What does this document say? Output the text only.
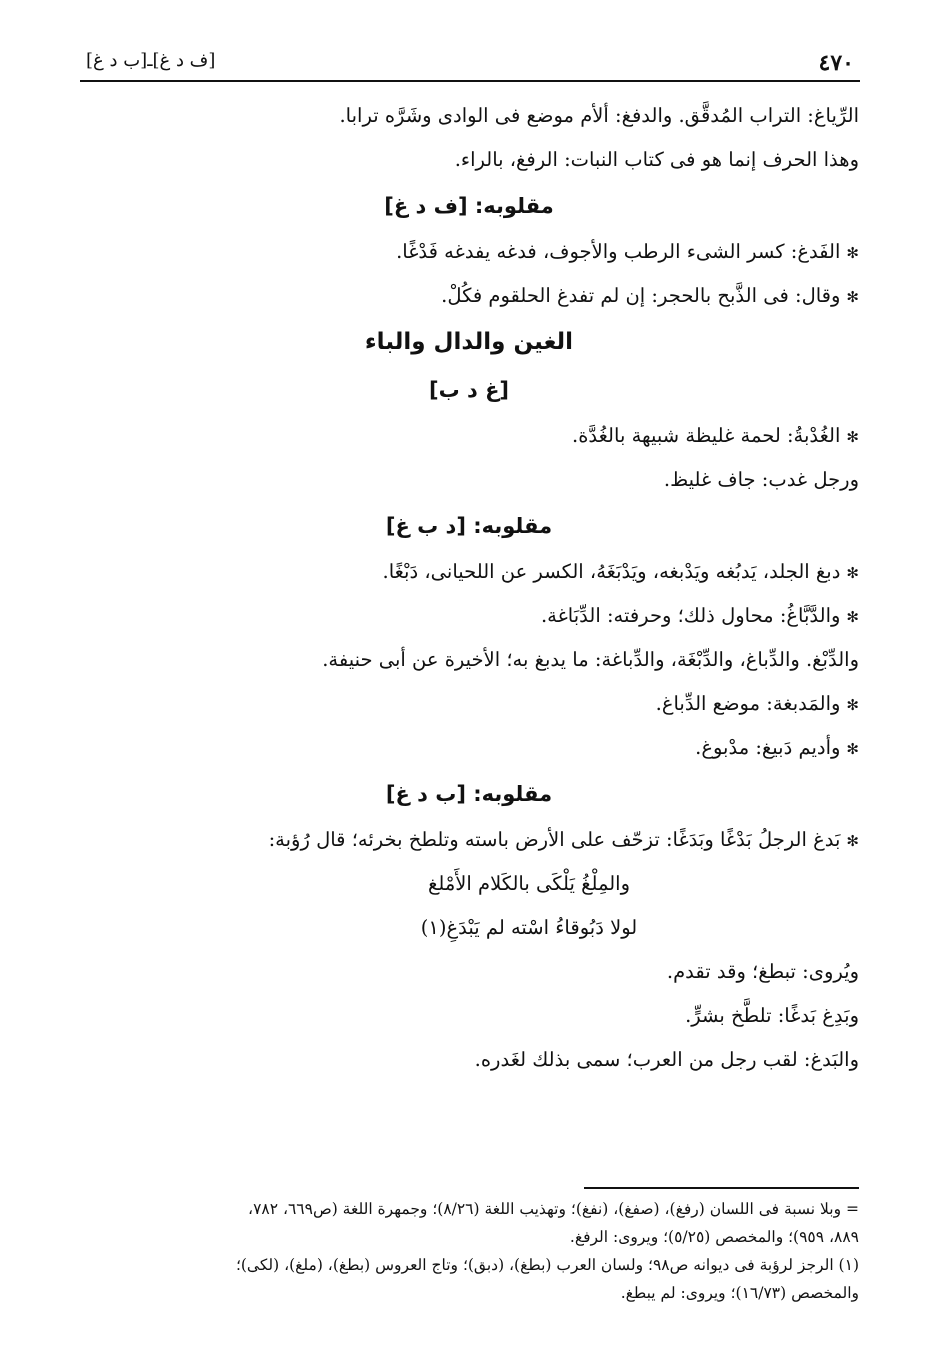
٤٧٠
[ف د غ]ـ[ب د غ]
الرِّياغ: التراب المُدقَّق. والدفغ: ألأم موضع فى الوادى وشَرَّه ترابا.
وهذا الحرف إنما هو فى كتاب النبات: الرفغ، بالراء.
مقلوبه: [ف د غ]
✻الفَدغ: كسر الشىء الرطب والأجوف، فدغه يفدغه فَدْغًا.
✻وقال: فى الذَّبح بالحجر: إن لم تفدغ الحلقوم فكُلْ.
الغين والدال والباء
[غ د ب]
✻الغُدْبةُ: لحمة غليظة شبيهة بالغُدَّة.
ورجل غدب: جاف غليظ.
مقلوبه: [د ب غ]
✻دبغ الجلد، يَدبُغه ويَدْبغه، ويَدْبَغَهُ، الكسر عن اللحيانى، دَبْغًا.
✻والدَّبَّاغُ: محاول ذلك؛ وحرفته: الدِّبَاغة.
والدِّبْغ. والدِّباغ، والدِّبْغَة، والدِّباغة: ما يدبغ به؛ الأخيرة عن أبى حنيفة.
✻والمَدبغة: موضع الدِّباغ.
✻وأديم دَبيغ: مدْبوغ.
مقلوبه: [ب د غ]
✻بَدغ الرجلُ بَدْغًا وبَدَغًا: تزحّف على الأرض باسته وتلطخ بخرئه؛ قال رُؤبة:
والمِلْغُ يَلْكَى بالكَلام الأَمْلغ
لولا دَبُوقاءُ اسْته لم يَبْدَغِ(١)
ويُروى: تبطغ؛ وقد تقدم.
وبَدِغ بَدغًا: تلطَّخ بشرٍّ.
والبَدغ: لقب رجل من العرب؛ سمى بذلك لغَدره.
= وبلا نسبة فى اللسان (رفغ)، (صفغ)، (نفغ)؛ وتهذيب اللغة (٨/٢٦)؛ وجمهرة اللغة (ص٦٦٩، ٧٨٢،
٨٨٩، ٩٥٩)؛ والمخصص (٥/٢٥)؛ ويروى: الرفغ.
(١) الرجز لرؤبة فى ديوانه ص٩٨؛ ولسان العرب (بطغ)، (دبق)؛ وتاج العروس (بطغ)، (ملغ)، (لكى)؛
والمخصص (١٦/٧٣)؛ ويروى: لم يبطغ.
